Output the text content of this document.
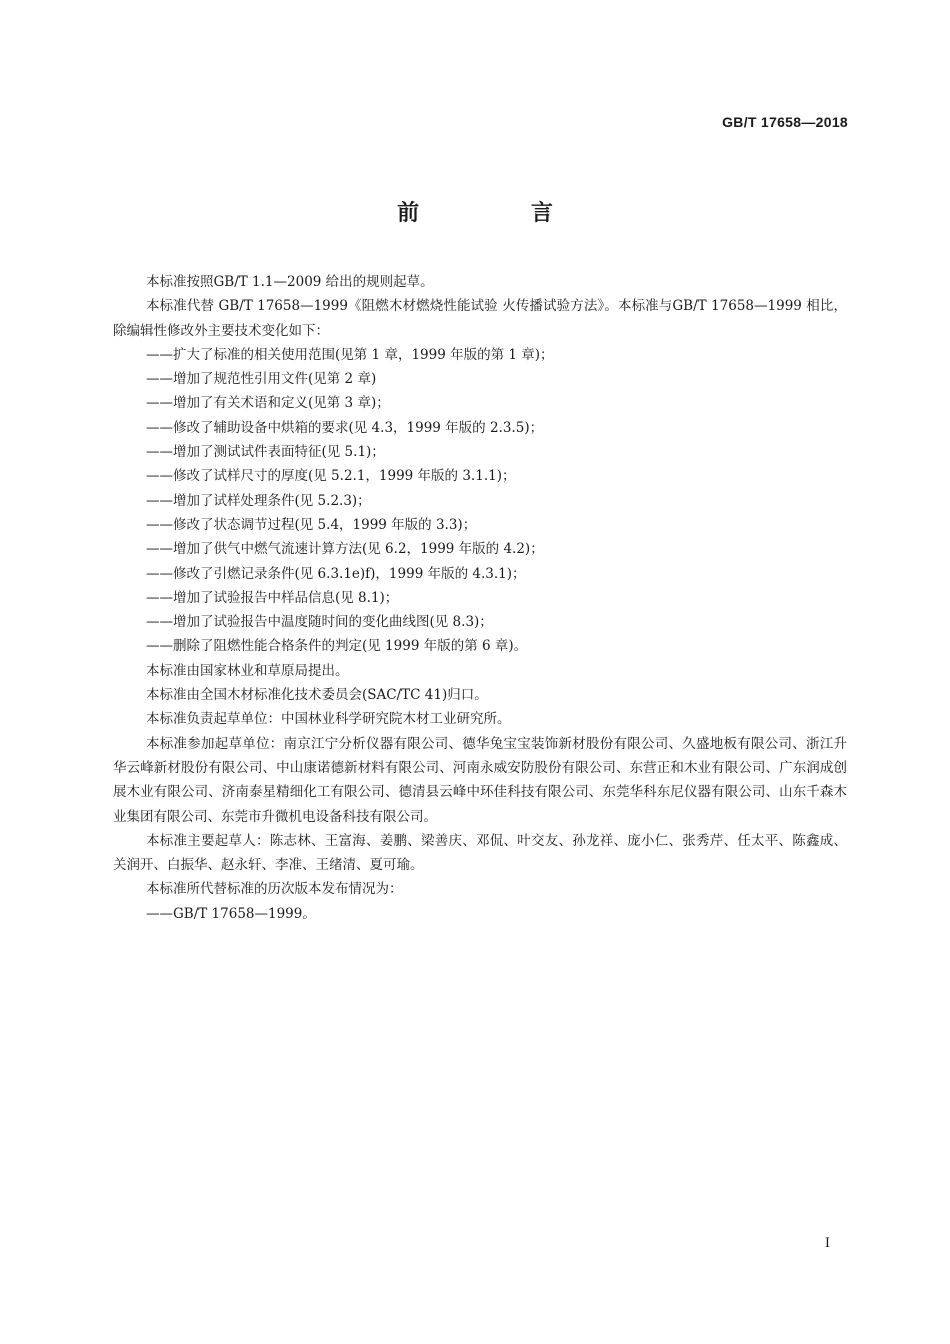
GB/T 17658—2018
前 言

本标准按照GB/T 1.1—2009 给出的规则起草。

本标准代替 GB/T 17658—1999《阻燃木材燃烧性能试验 火传播试验方法》。本标准与GB/T 17658—1999 相比，除编辑性修改外主要技术变化如下：

——扩大了标准的相关使用范围(见第 1 章，1999 年版的第 1 章)；

——增加了规范性引用文件(见第 2 章)

——增加了有关术语和定义(见第 3 章)；

——修改了辅助设备中烘箱的要求(见 4.3，1999 年版的 2.3.5)；

——增加了测试试件表面特征(见 5.1)；

——修改了试样尺寸的厚度(见 5.2.1，1999 年版的 3.1.1)；

——增加了试样处理条件(见 5.2.3)；

——修改了状态调节过程(见 5.4，1999 年版的 3.3)；

——增加了供气中燃气流速计算方法(见 6.2，1999 年版的 4.2)；

——修改了引燃记录条件(见 6.3.1e)f)，1999 年版的 4.3.1)；

——增加了试验报告中样品信息(见 8.1)；

——增加了试验报告中温度随时间的变化曲线图(见 8.3)；

——删除了阻燃性能合格条件的判定(见 1999 年版的第 6 章)。

本标准由国家林业和草原局提出。

本标准由全国木材标准化技术委员会(SAC/TC 41)归口。

本标准负责起草单位：中国林业科学研究院木材工业研究所。

本标准参加起草单位：南京江宁分析仪器有限公司、德华兔宝宝装饰新材股份有限公司、久盛地板有限公司、浙江升华云峰新材股份有限公司、中山康诺德新材料有限公司、河南永威安防股份有限公司、东营正和木业有限公司、广东润成创展木业有限公司、济南泰星精细化工有限公司、德清县云峰中环佳科技有限公司、东莞华科东尼仪器有限公司、山东千森木业集团有限公司、东莞市升微机电设备科技有限公司。

本标准主要起草人：陈志林、王富海、姜鹏、梁善庆、邓侃、叶交友、孙龙祥、庞小仁、张秀芹、任太平、陈鑫成、关润开、白振华、赵永轩、李准、王绪清、夏可瑜。

本标准所代替标准的历次版本发布情况为：

——GB/T 17658—1999。

I
